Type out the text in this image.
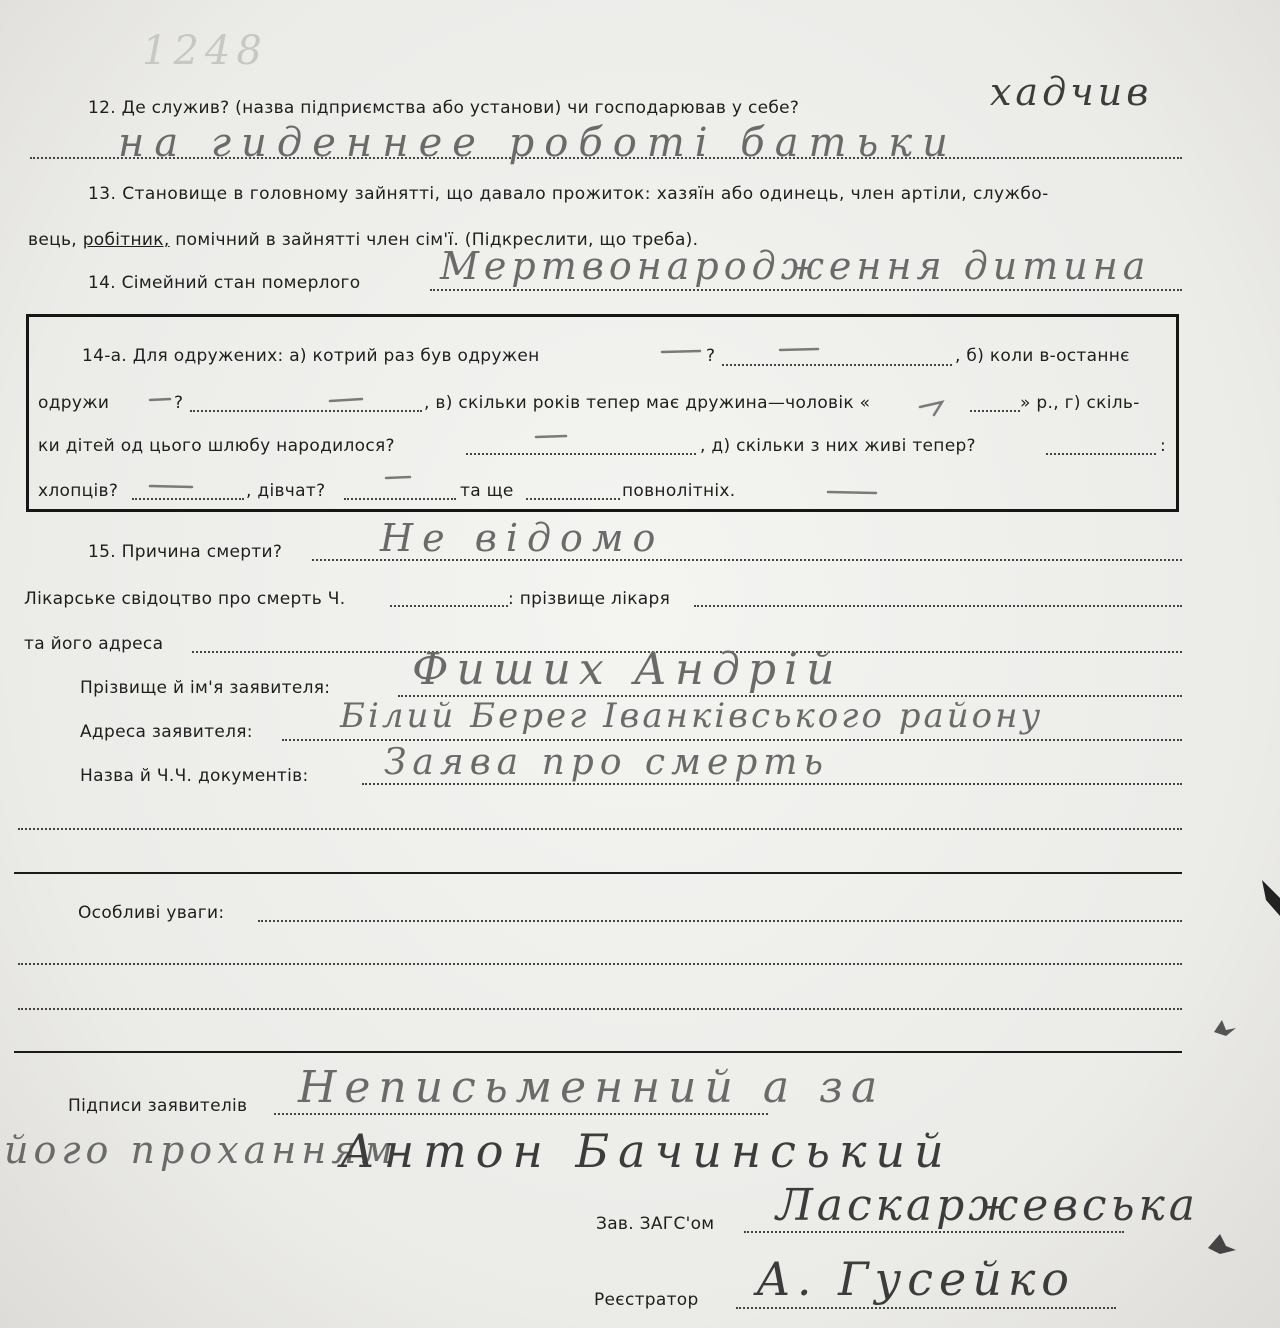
1248
12. Де служив? (назва підприємства або установи) чи господарював у себе?	хадчив
на гиденнее роботі батьки
13. Становище в головному зайнятті, що давало прожиток: хазяїн або одинець, член артіли, службо-
вець, робітник, помічний в зайнятті член сім'ї. (Підкреслити, що треба).
14. Сімейний стан померлого Мертвонародження дитина
14-а. Для одружених: а) котрий раз був одружен	?	, б) коли в-останнє
одружи	?	, в) скільки років тепер має дружина—чоловік «	» р., г) скіль-
ки дітей од цього шлюбу народилося?	, д) скільки з них живі тепер?	:
хлопців?	, дівчат?	та ще	повнолітніх.
15. Причина смерти?	Не відомо
Лікарське свідоцтво про смерть Ч.	: прізвище лікаря
та його адреса
Прізвище й ім'я заявителя: Фиших Андрій
Адреса заявителя:	Білий Берег Іванківського району
Назва й Ч.Ч. документів: Заява про смерть
Особливі уваги:
Підписи заявителів Неписьменний а за
його проханням
Антон Бачинський
Зав. ЗАГС'ом Ласкаржевська
Реєстратор А. Гусейко
